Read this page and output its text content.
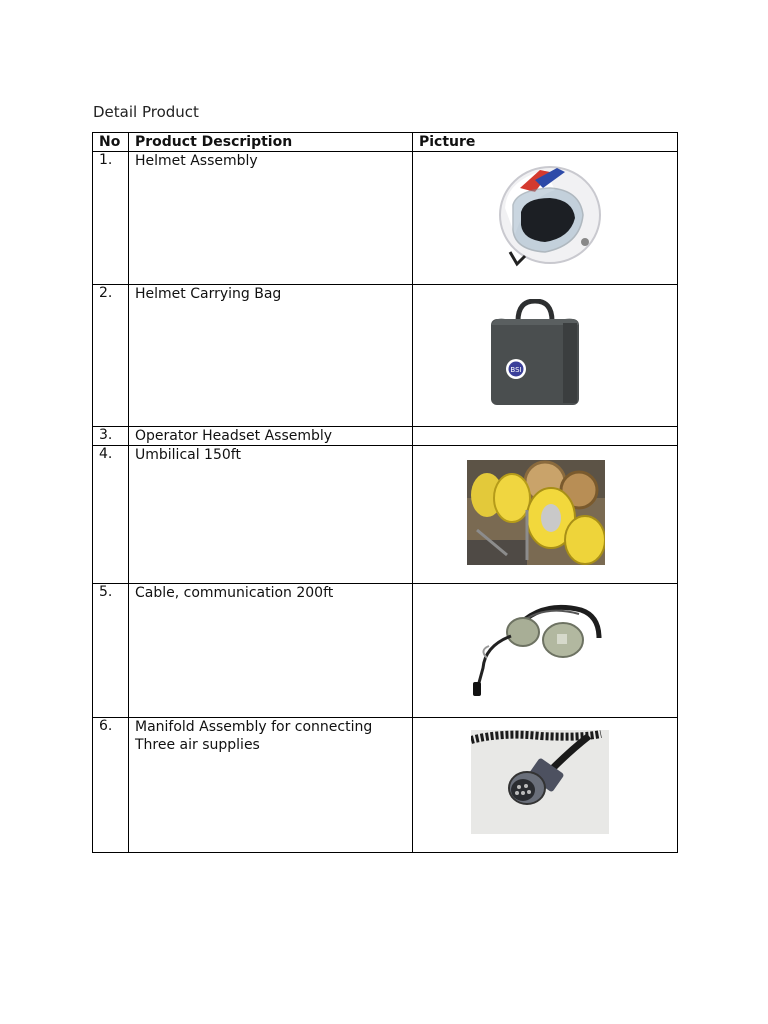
Detail Product
No	Product Description	Picture
1.	Helmet Assembly	

2.	Helmet Carrying Bag	BSI

3.	Operator Headset Assembly	
4.	Umbilical 150ft	

5.	Cable, communication 200ft	

6.	Manifold Assembly for connecting
Three air supplies
